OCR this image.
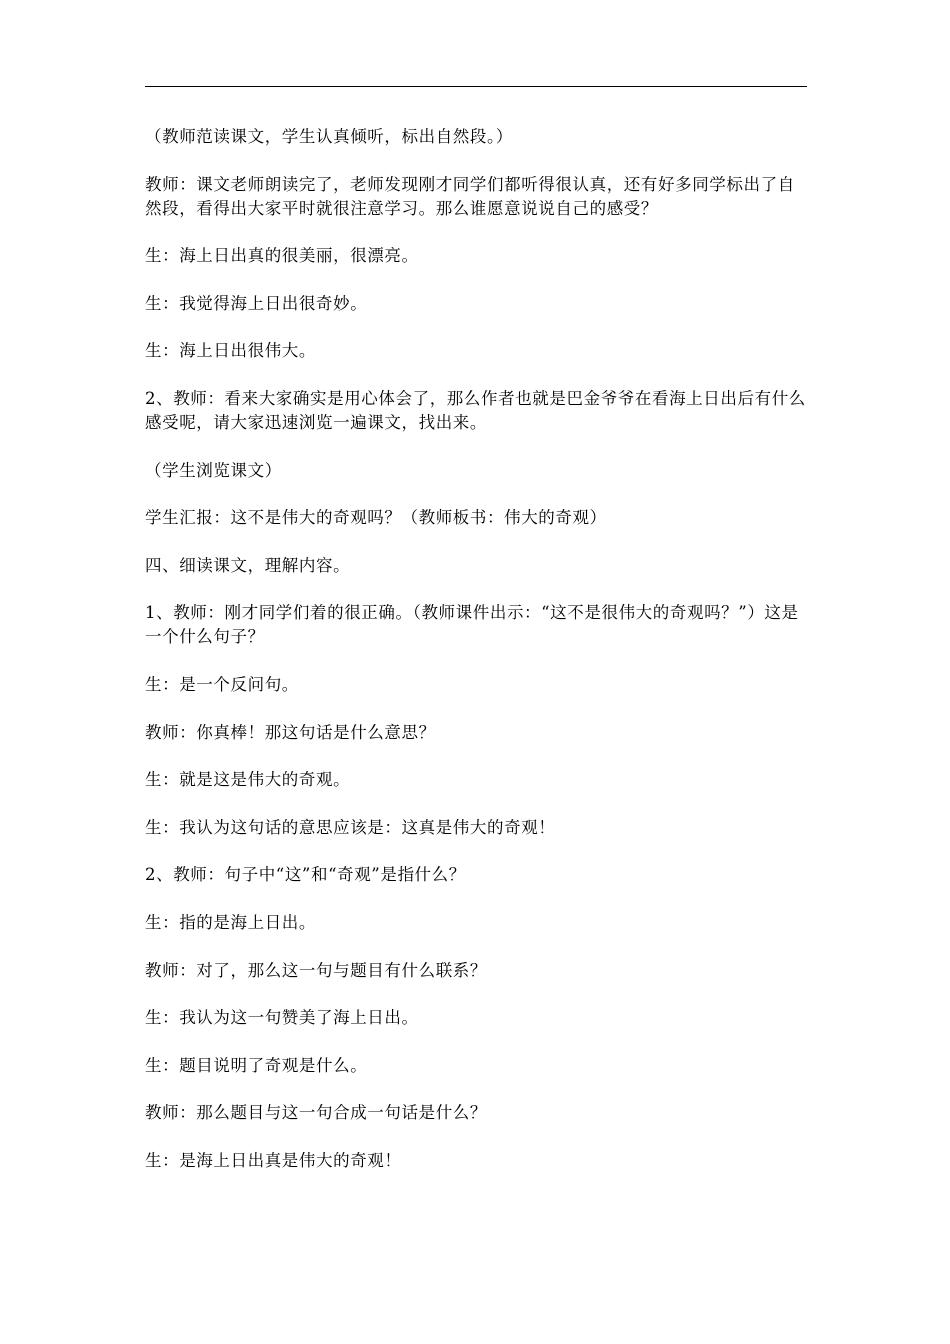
（教师范读课文，学生认真倾听，标出自然段。）

教师：课文老师朗读完了，老师发现刚才同学们都听得很认真，还有好多同学标出了自然段，看得出大家平时就很注意学习。那么谁愿意说说自己的感受？

生：海上日出真的很美丽，很漂亮。

生：我觉得海上日出很奇妙。

生：海上日出很伟大。

2、教师：看来大家确实是用心体会了，那么作者也就是巴金爷爷在看海上日出后有什么感受呢，请大家迅速浏览一遍课文，找出来。

（学生浏览课文）

学生汇报：这不是伟大的奇观吗？（教师板书：伟大的奇观）

四、细读课文，理解内容。

1、教师：刚才同学们着的很正确。（教师课件出示：“这不是很伟大的奇观吗？”）这是一个什么句子？

生：是一个反问句。

教师：你真棒！那这句话是什么意思？

生：就是这是伟大的奇观。

生：我认为这句话的意思应该是：这真是伟大的奇观！

2、教师：句子中“这”和“奇观”是指什么？

生：指的是海上日出。

教师：对了，那么这一句与题目有什么联系？

生：我认为这一句赞美了海上日出。

生：题目说明了奇观是什么。

教师：那么题目与这一句合成一句话是什么？

生：是海上日出真是伟大的奇观！
